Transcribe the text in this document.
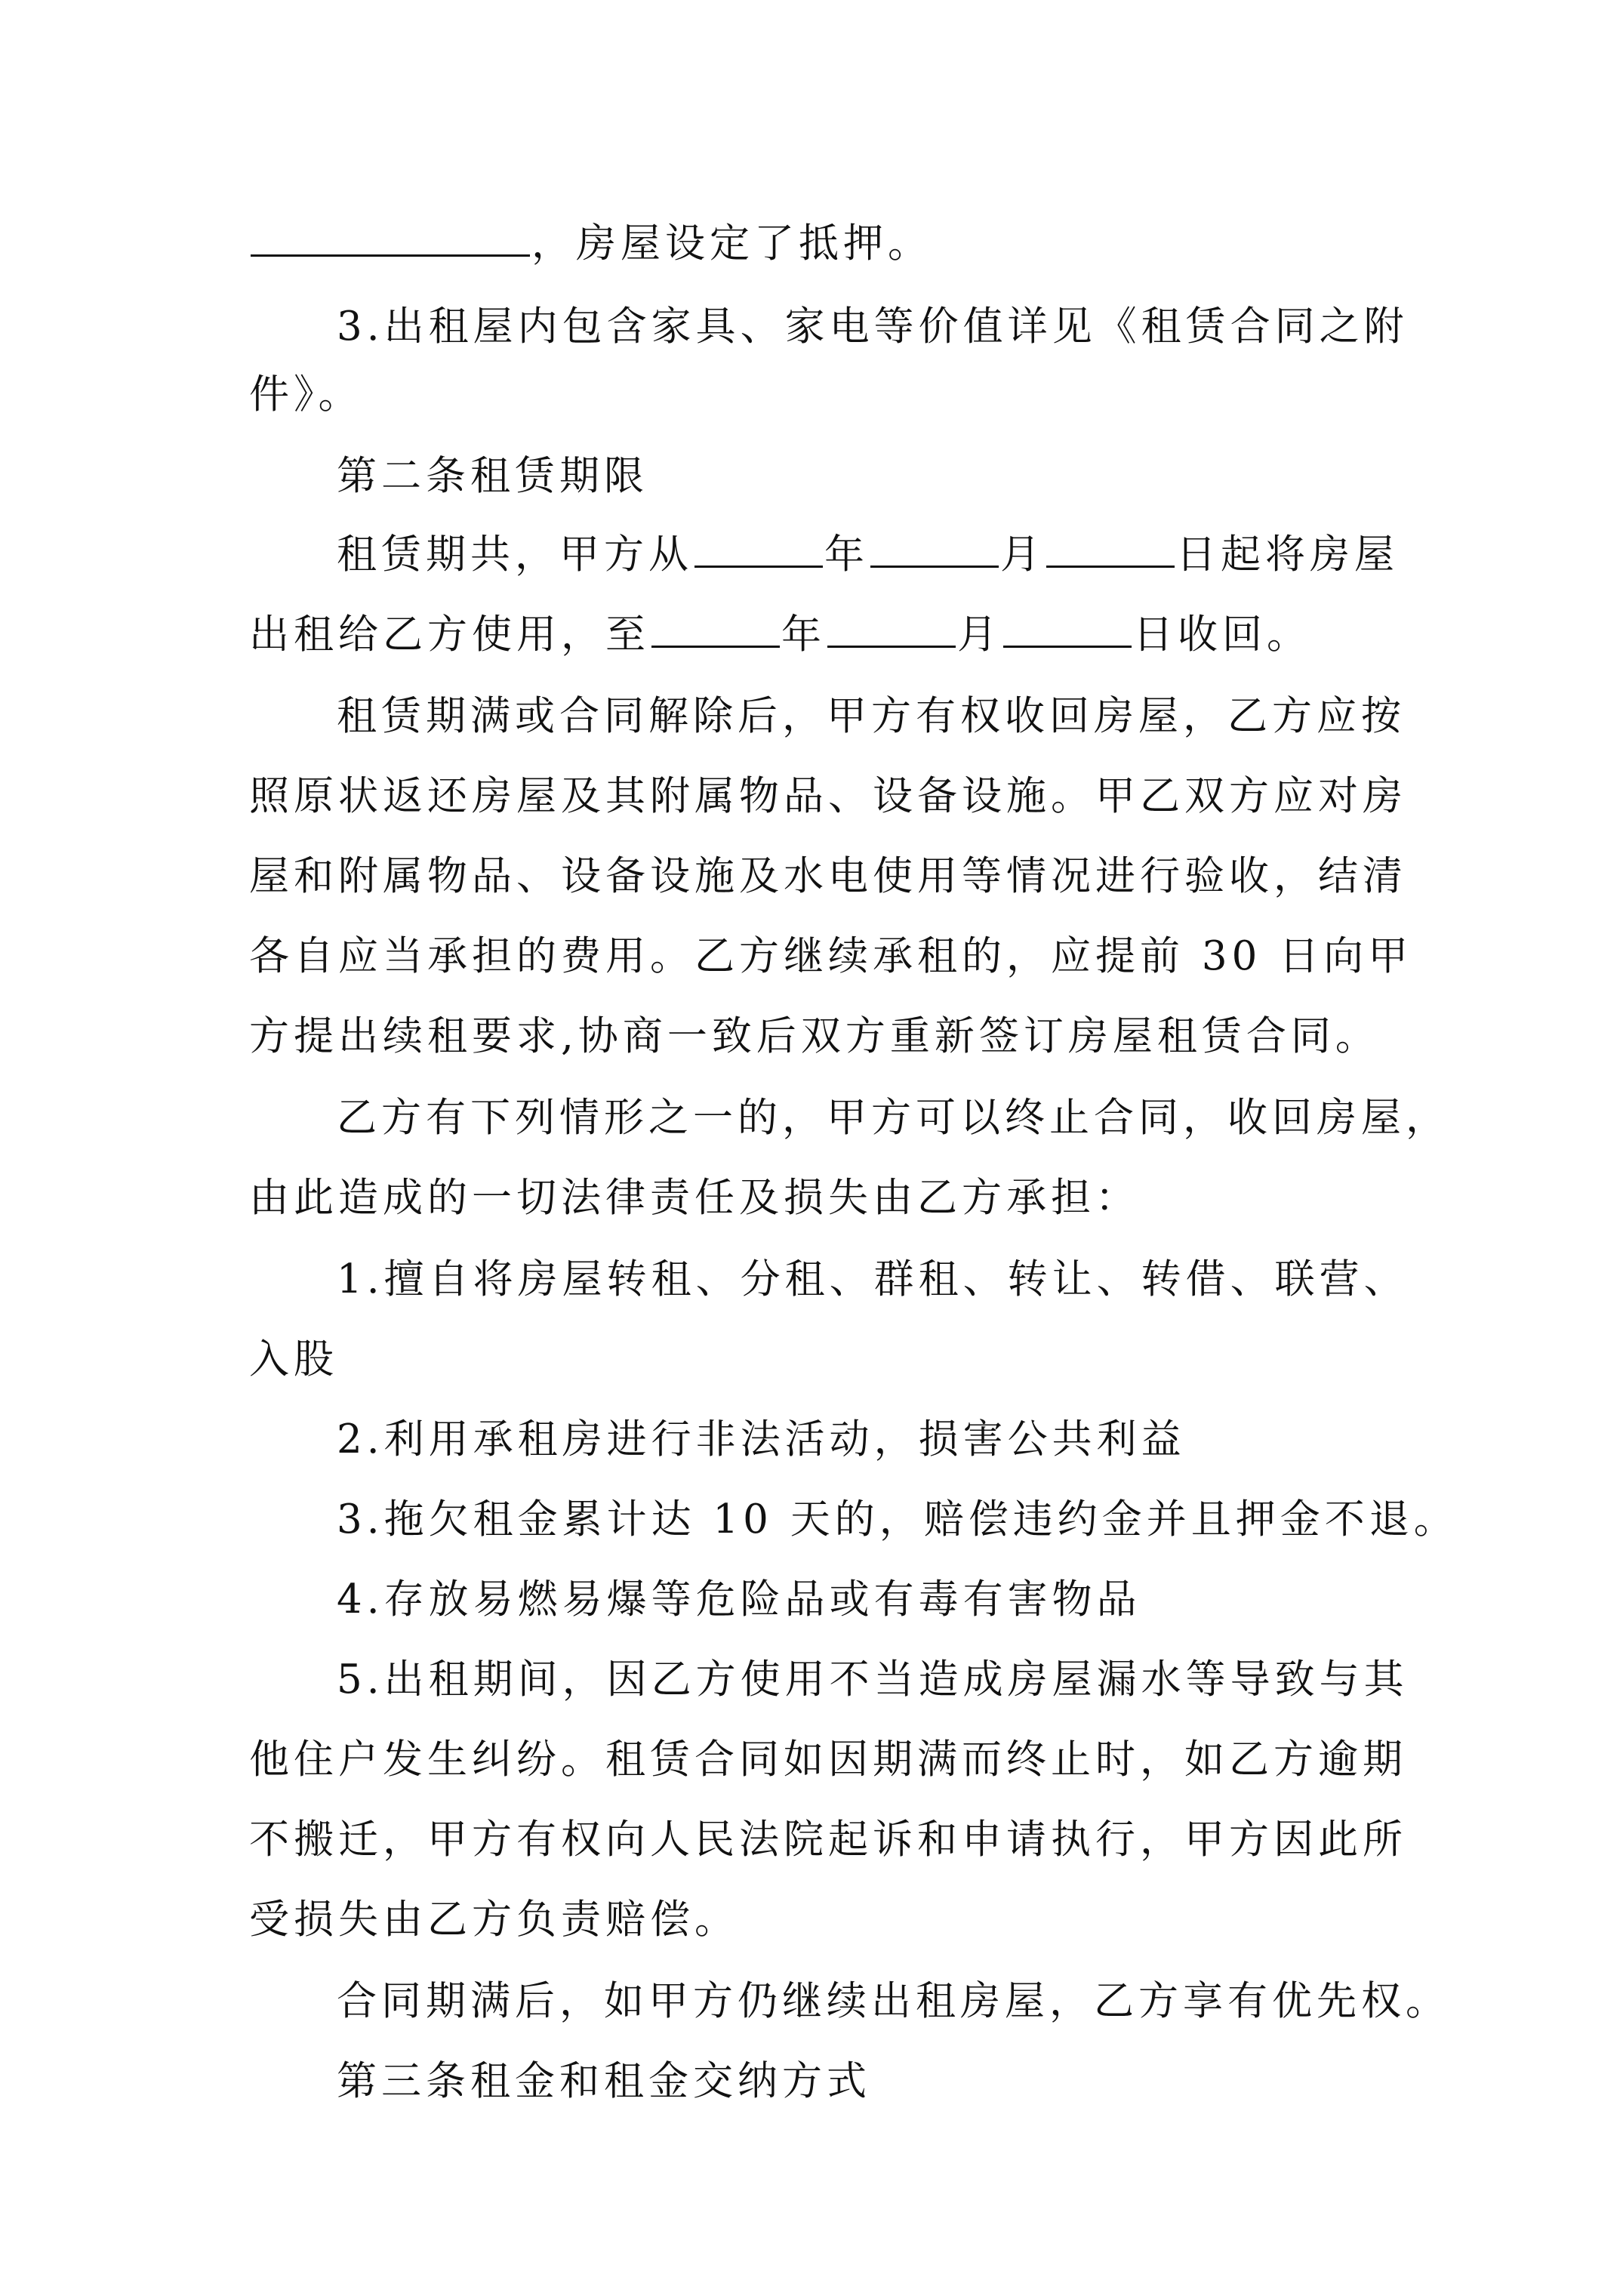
，房屋设定了抵押。
3.出租屋内包含家具、家电等价值详见《租赁合同之附
件》。
第二条租赁期限
租赁期共，甲方从	年	月	日起将房屋
出租给乙方使用，至	年	月	日收回。
租赁期满或合同解除后，甲方有权收回房屋，乙方应按
照原状返还房屋及其附属物品、设备设施。甲乙双方应对房
屋和附属物品、设备设施及水电使用等情况进行验收，结清
各自应当承担的费用。乙方继续承租的，应提前 30 日向甲
方提出续租要求,协商一致后双方重新签订房屋租赁合同。
乙方有下列情形之一的，甲方可以终止合同，收回房屋，
由此造成的一切法律责任及损失由乙方承担：
1.擅自将房屋转租、分租、群租、转让、转借、联营、
入股
2.利用承租房进行非法活动，损害公共利益
3.拖欠租金累计达 10 天的，赔偿违约金并且押金不退。
4.存放易燃易爆等危险品或有毒有害物品
5.出租期间，因乙方使用不当造成房屋漏水等导致与其
他住户发生纠纷。租赁合同如因期满而终止时，如乙方逾期
不搬迁，甲方有权向人民法院起诉和申请执行，甲方因此所
受损失由乙方负责赔偿。
合同期满后，如甲方仍继续出租房屋，乙方享有优先权。
第三条租金和租金交纳方式
